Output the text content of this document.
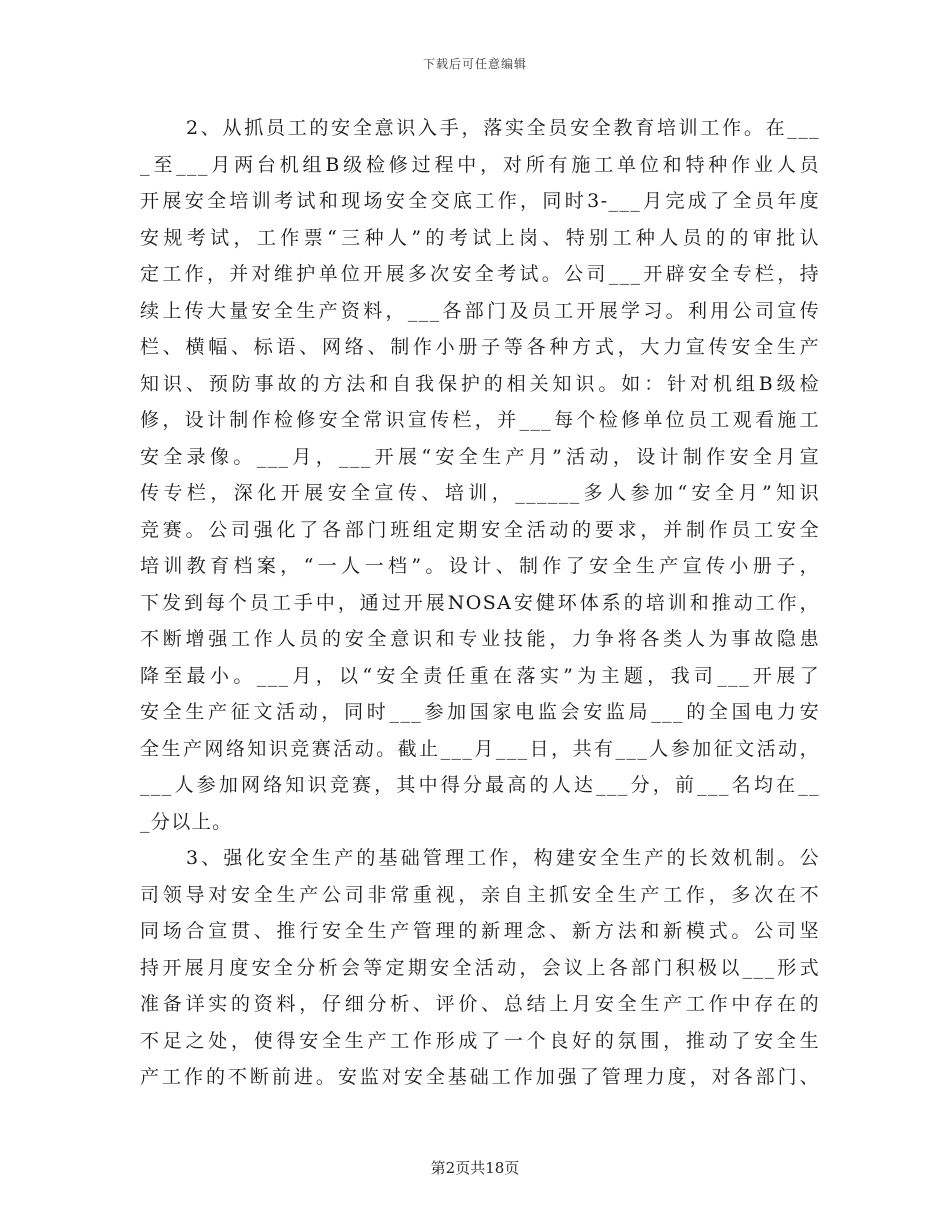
下载后可任意编辑
2、从抓员工的安全意识入手，落实全员安全教育培训工作。在___
_至___月两台机组B级检修过程中，对所有施工单位和特种作业人员
开展安全培训考试和现场安全交底工作，同时3-___月完成了全员年度
安规考试，工作票“三种人”的考试上岗、特别工种人员的的审批认
定工作，并对维护单位开展多次安全考试。公司___开辟安全专栏，持
续上传大量安全生产资料，___各部门及员工开展学习。利用公司宣传
栏、横幅、标语、网络、制作小册子等各种方式，大力宣传安全生产
知识、预防事故的方法和自我保护的相关知识。如：针对机组B级检
修，设计制作检修安全常识宣传栏，并___每个检修单位员工观看施工
安全录像。___月，___开展“安全生产月”活动，设计制作安全月宣
传专栏，深化开展安全宣传、培训，______多人参加“安全月”知识
竞赛。公司强化了各部门班组定期安全活动的要求，并制作员工安全
培训教育档案，“一人一档”。设计、制作了安全生产宣传小册子，
下发到每个员工手中，通过开展NOSA安健环体系的培训和推动工作，
不断增强工作人员的安全意识和专业技能，力争将各类人为事故隐患
降至最小。___月，以“安全责任重在落实”为主题，我司___开展了
安全生产征文活动，同时___参加国家电监会安监局___的全国电力安
全生产网络知识竞赛活动。截止___月___日，共有___人参加征文活动，
___人参加网络知识竞赛，其中得分最高的人达___分，前___名均在__
_分以上。
3、强化安全生产的基础管理工作，构建安全生产的长效机制。公
司领导对安全生产公司非常重视，亲自主抓安全生产工作，多次在不
同场合宣贯、推行安全生产管理的新理念、新方法和新模式。公司坚
持开展月度安全分析会等定期安全活动，会议上各部门积极以___形式
准备详实的资料，仔细分析、评价、总结上月安全生产工作中存在的
不足之处，使得安全生产工作形成了一个良好的氛围，推动了安全生
产工作的不断前进。安监对安全基础工作加强了管理力度，对各部门、
第2页共18页
